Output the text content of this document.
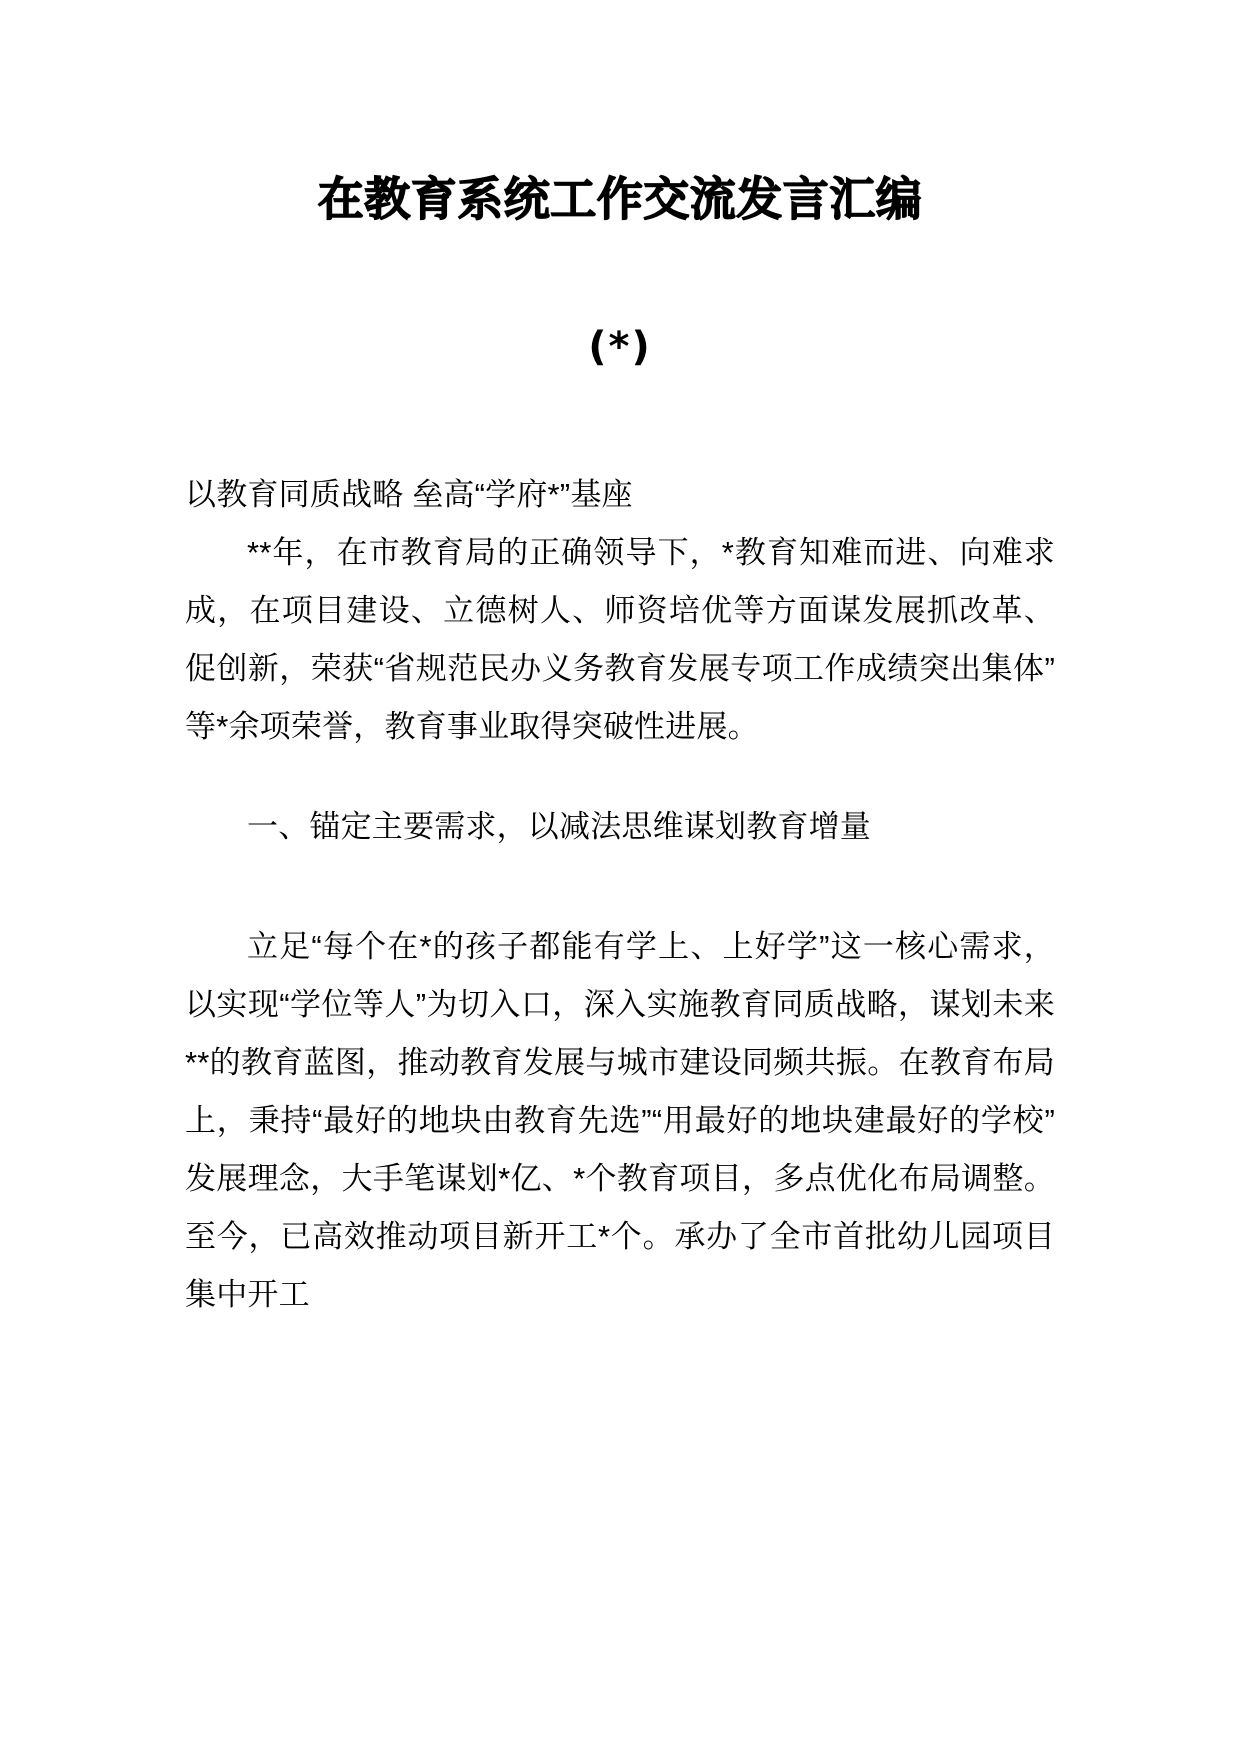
在教育系统工作交流发言汇编
(*)

以教育同质战略 垒高“学府*”基座

**年，在市教育局的正确领导下，*教育知难而进、向难求成，在项目建设、立德树人、师资培优等方面谋发展抓改革、促创新，荣获“省规范民办义务教育发展专项工作成绩突出集体”等*余项荣誉，教育事业取得突破性进展。

一、锚定主要需求，以减法思维谋划教育增量

立足“每个在*的孩子都能有学上、上好学”这一核心需求，以实现“学位等人”为切入口，深入实施教育同质战略，谋划未来**的教育蓝图，推动教育发展与城市建设同频共振。在教育布局上，秉持“最好的地块由教育先选”“用最好的地块建最好的学校”发展理念，大手笔谋划*亿、*个教育项目，多点优化布局调整。至今，已高效推动项目新开工*个。承办了全市首批幼儿园项目集中开工
